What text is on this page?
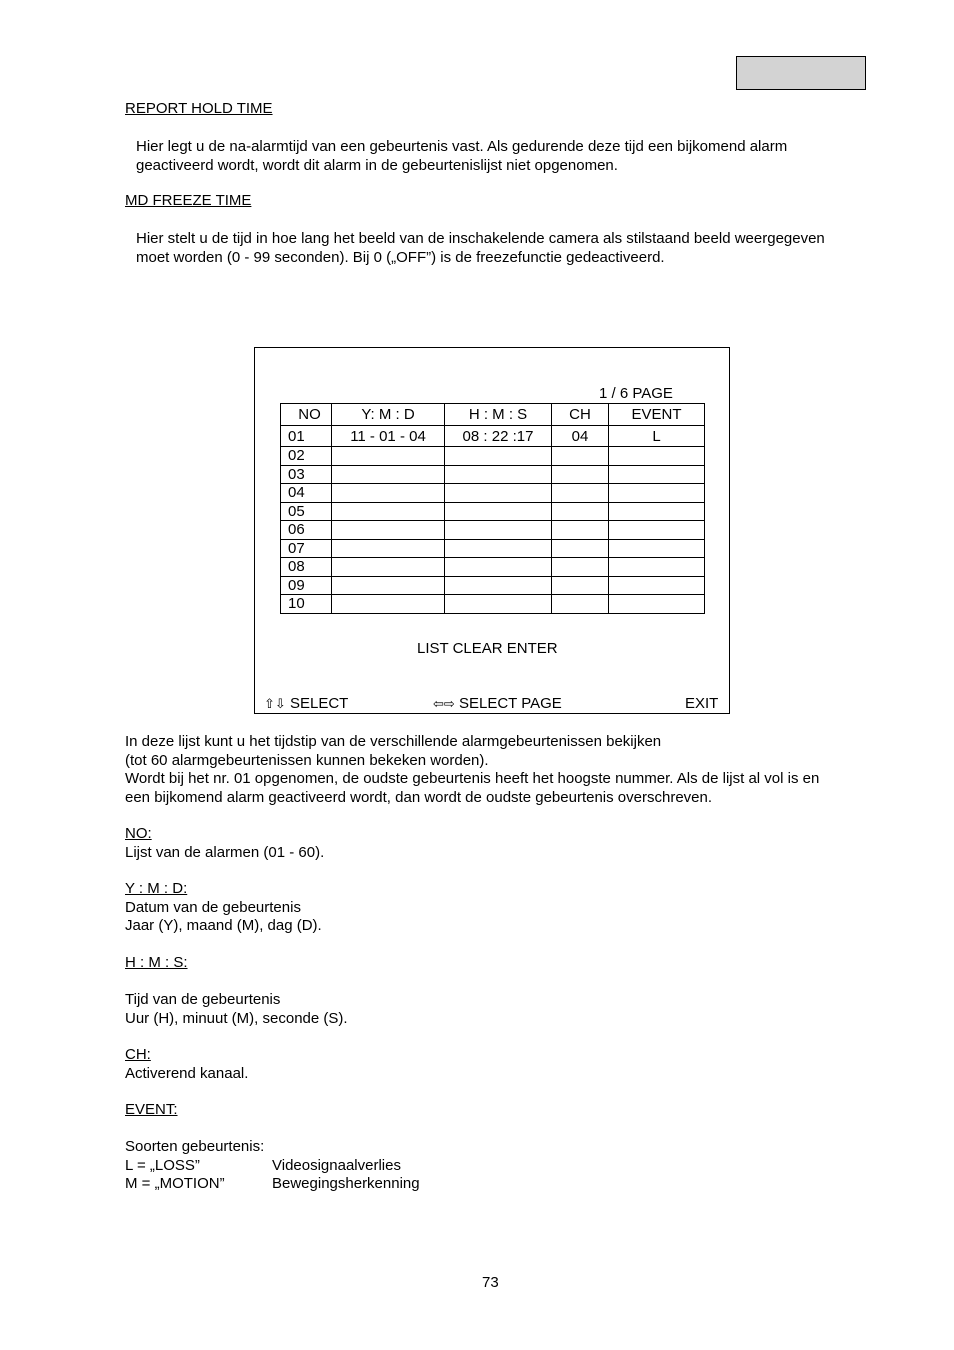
REPORT HOLD TIME
Hier legt u de na-alarmtijd van een gebeurtenis vast. Als gedurende deze tijd een bijkomend alarm
geactiveerd wordt, wordt dit alarm in de gebeurtenislijst niet opgenomen.
MD FREEZE TIME
Hier stelt u de tijd in hoe lang het beeld van de inschakelende camera als stilstaand beeld weergegeven
moet worden (0 - 99 seconden). Bij 0 („OFF”) is de freezefunctie gedeactiveerd.
1 / 6 PAGE
NO	Y: M : D	H : M : S	CH	EVENT
01	11 - 01 - 04	08 : 22 :17	04	L
02				
03				
04				
05				
06				
07				
08				
09				
10				
LIST CLEAR ENTER
⇧⇩ SELECT	⇦⇨ SELECT PAGE	EXIT
In deze lijst kunt u het tijdstip van de verschillende alarmgebeurtenissen bekijken
(tot 60 alarmgebeurtenissen kunnen bekeken worden).
Wordt bij het nr. 01 opgenomen, de oudste gebeurtenis heeft het hoogste nummer. Als de lijst al vol is en
een bijkomend alarm geactiveerd wordt, dan wordt de oudste gebeurtenis overschreven.
NO:
Lijst van de alarmen (01 - 60).
Y : M : D:
Datum van de gebeurtenis
Jaar (Y), maand (M), dag (D).
H : M : S:
Tijd van de gebeurtenis
Uur (H), minuut (M), seconde (S).
CH:
Activerend kanaal.
EVENT:
Soorten gebeurtenis:
L = „LOSS”	Videosignaalverlies
M = „MOTION”	Bewegingsherkenning
73
